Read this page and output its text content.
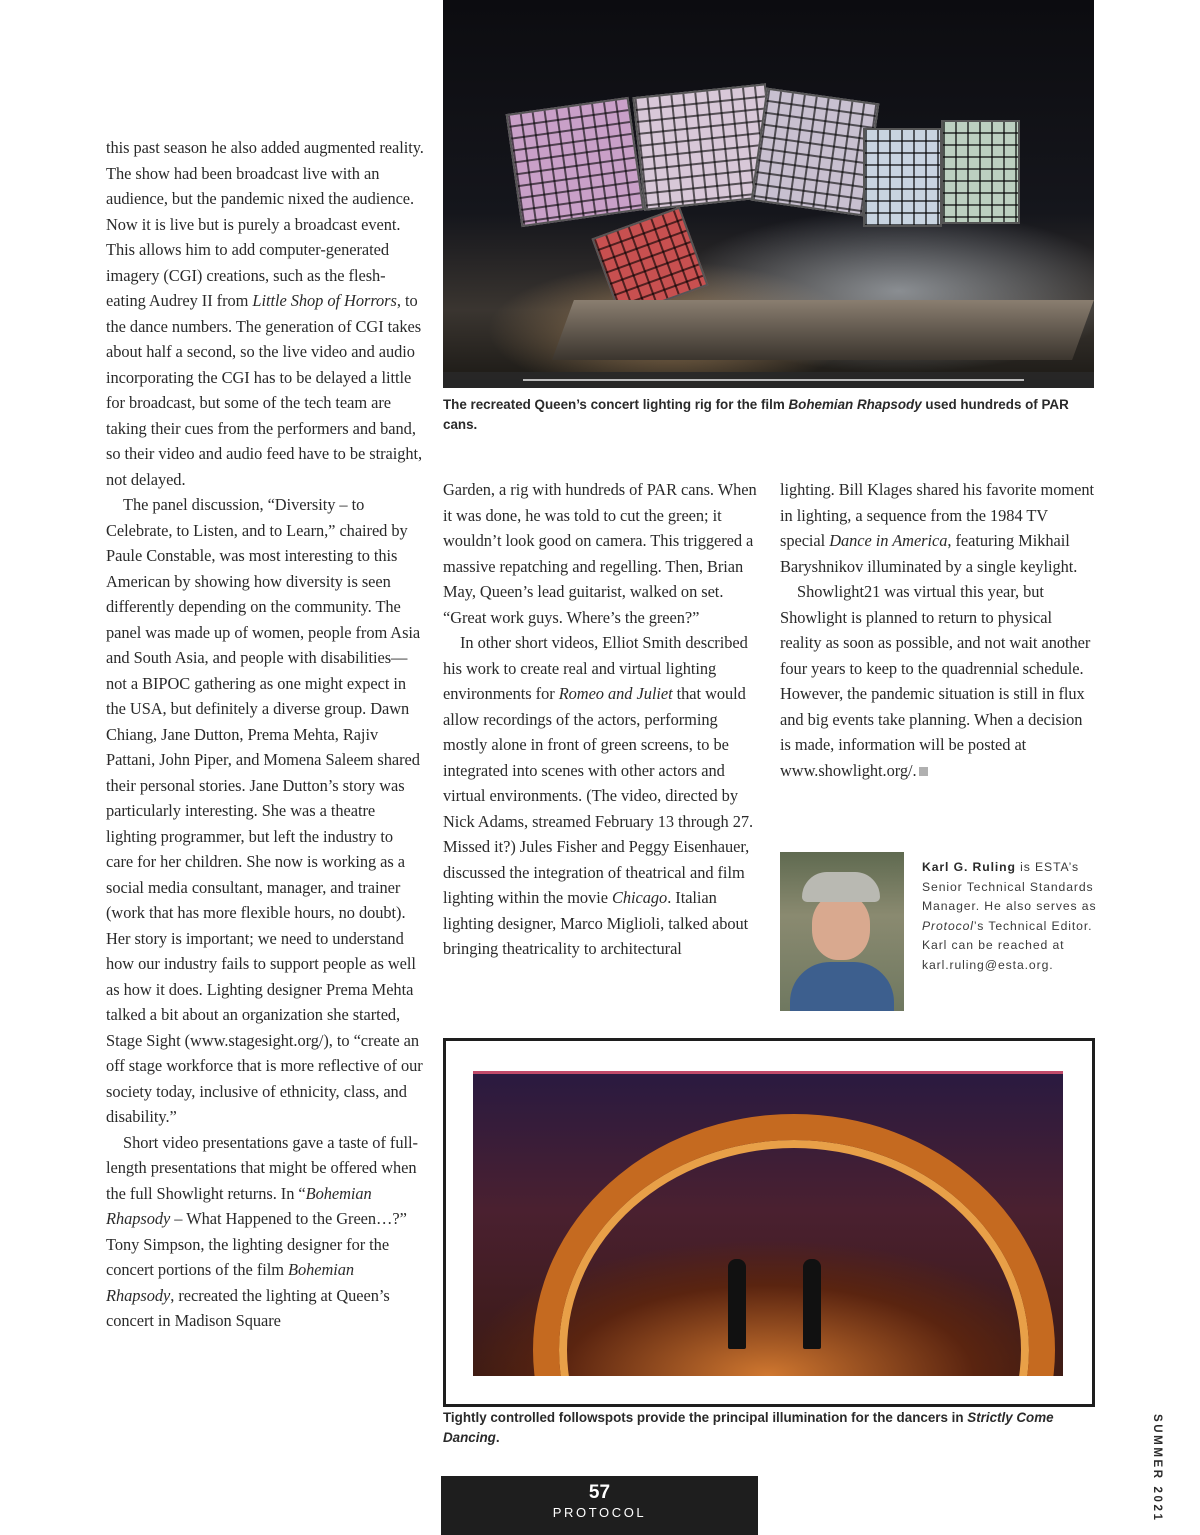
this past season he also added augmented reality. The show had been broadcast live with an audience, but the pandemic nixed the audience. Now it is live but is purely a broadcast event. This allows him to add computer-generated imagery (CGI) creations, such as the flesh-eating Audrey II from Little Shop of Horrors, to the dance numbers. The generation of CGI takes about half a second, so the live video and audio incorporating the CGI has to be delayed a little for broadcast, but some of the tech team are taking their cues from the performers and band, so their video and audio feed have to be straight, not delayed.

The panel discussion, “Diversity – to Celebrate, to Listen, and to Learn,” chaired by Paule Constable, was most interesting to this American by showing how diversity is seen differently depending on the community. The panel was made up of women, people from Asia and South Asia, and people with disabilities—not a BIPOC gathering as one might expect in the USA, but definitely a diverse group. Dawn Chiang, Jane Dutton, Prema Mehta, Rajiv Pattani, John Piper, and Momena Saleem shared their personal stories. Jane Dutton’s story was particularly interesting. She was a theatre lighting programmer, but left the industry to care for her children. She now is working as a social media consultant, manager, and trainer (work that has more flexible hours, no doubt). Her story is important; we need to understand how our industry fails to support people as well as how it does. Lighting designer Prema Mehta talked a bit about an organization she started, Stage Sight (www.stagesight.org/), to “create an off stage workforce that is more reflective of our society today, inclusive of ethnicity, class, and disability.”

Short video presentations gave a taste of full-length presentations that might be offered when the full Showlight returns. In “Bohemian Rhapsody – What Happened to the Green…?” Tony Simpson, the lighting designer for the concert portions of the film Bohemian Rhapsody, recreated the lighting at Queen’s concert in Madison Square

The recreated Queen’s concert lighting rig for the film Bohemian Rhapsody used hundreds of PAR cans.

Garden, a rig with hundreds of PAR cans. When it was done, he was told to cut the green; it wouldn’t look good on camera. This triggered a massive repatching and regelling. Then, Brian May, Queen’s lead guitarist, walked on set. “Great work guys. Where’s the green?”

In other short videos, Elliot Smith described his work to create real and virtual lighting environments for Romeo and Juliet that would allow recordings of the actors, performing mostly alone in front of green screens, to be integrated into scenes with other actors and virtual environments. (The video, directed by Nick Adams, streamed February 13 through 27. Missed it?) Jules Fisher and Peggy Eisenhauer, discussed the integration of theatrical and film lighting within the movie Chicago. Italian lighting designer, Marco Miglioli, talked about bringing theatricality to architectural

lighting. Bill Klages shared his favorite moment in lighting, a sequence from the 1984 TV special Dance in America, featuring Mikhail Baryshnikov illuminated by a single keylight.

Showlight21 was virtual this year, but Showlight is planned to return to physical reality as soon as possible, and not wait another four years to keep to the quadrennial schedule. However, the pandemic situation is still in flux and big events take planning. When a decision is made, information will be posted at www.showlight.org/.

Karl G. Ruling is ESTA’s Senior Technical Standards Manager. He also serves as Protocol’s Technical Editor. Karl can be reached at karl.ruling@esta.org.
Tightly controlled followspots provide the principal illumination for the dancers in Strictly Come Dancing.
57
PROTOCOL	SUMMER 2021
